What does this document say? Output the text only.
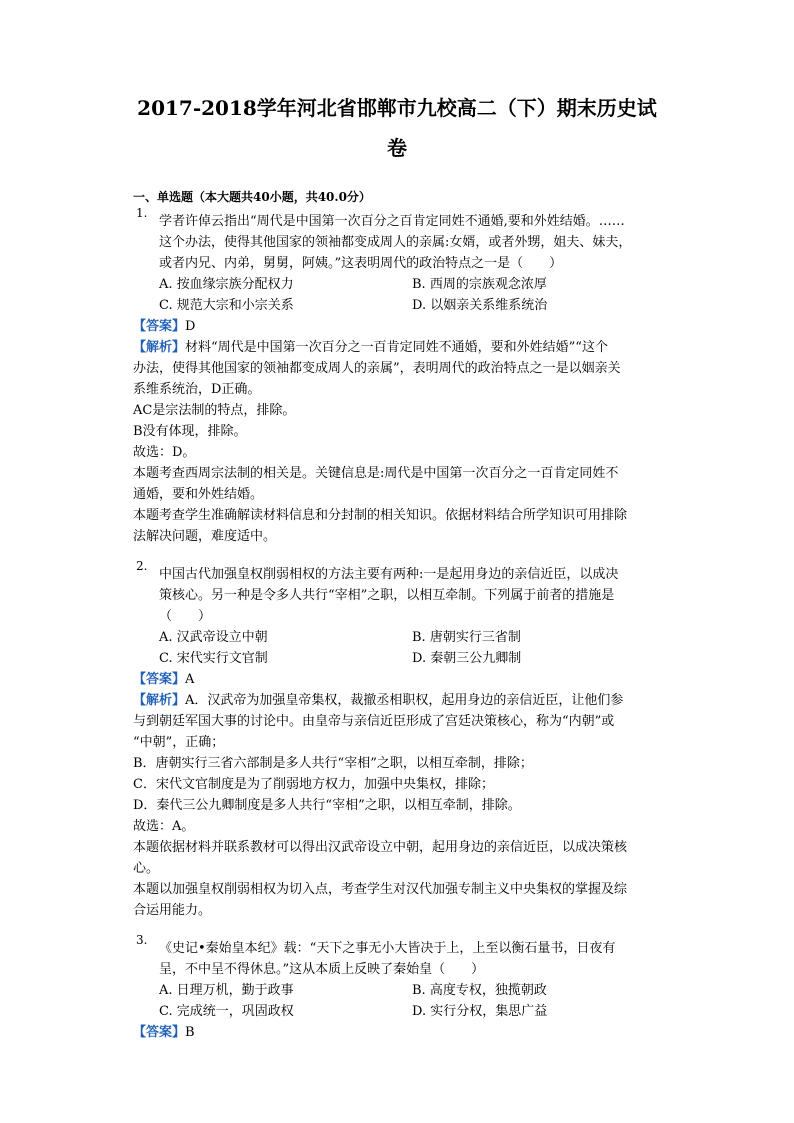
2017-2018学年河北省邯郸市九校高二（下）期末历史试
卷
一、单选题（本大题共40小题，共40.0分）
1.
学者许倬云指出“周代是中国第一次百分之百肯定同姓不通婚,要和外姓结婚。……
这个办法，使得其他国家的领袖都变成周人的亲属:女婿，或者外甥，姐夫、妹夫，
或者内兄、内弟，舅舅，阿姨。”这表明周代的政治特点之一是（　　）
A. 按血缘宗族分配权力	B. 西周的宗族观念浓厚
C. 规范大宗和小宗关系	D. 以姻亲关系维系统治
【答案】D
【解析】材料“周代是中国第一次百分之一百肯定同姓不通婚，要和外姓结婚”“这个
办法，使得其他国家的领袖都变成周人的亲属”，表明周代的政治特点之一是以姻亲关
系维系统治，D正确。
AC是宗法制的特点，排除。
B没有体现，排除。
故选：D。
本题考查西周宗法制的相关是。关键信息是:周代是中国第一次百分之一百肯定同姓不
通婚，要和外姓结婚。
本题考查学生准确解读材料信息和分封制的相关知识。依据材料结合所学知识可用排除
法解决问题，难度适中。
2.
中国古代加强皇权削弱相权的方法主要有两种:一是起用身边的亲信近臣，以成决
策核心。另一种是令多人共行“宰相”之职，以相互牵制。下列属于前者的措施是
（　　）
A. 汉武帝设立中朝	B. 唐朝实行三省制
C. 宋代实行文官制	D. 秦朝三公九卿制
【答案】A
【解析】A．汉武帝为加强皇帝集权，裁撤丞相职权，起用身边的亲信近臣，让他们参
与到朝廷军国大事的讨论中。由皇帝与亲信近臣形成了宫廷决策核心，称为“内朝”或
“中朝”，正确；
B．唐朝实行三省六部制是多人共行“宰相”之职，以相互牵制，排除；
C．宋代文官制度是为了削弱地方权力，加强中央集权，排除；
D．秦代三公九卿制度是多人共行“宰相”之职，以相互牵制，排除。
故选：A。
本题依据材料并联系教材可以得出汉武帝设立中朝，起用身边的亲信近臣，以成决策核
心。
本题以加强皇权削弱相权为切入点，考查学生对汉代加强专制主义中央集权的掌握及综
合运用能力。
3.
《史记•秦始皇本纪》载：“天下之事无小大皆决于上，上至以衡石量书，日夜有
呈，不中呈不得休息。”这从本质上反映了秦始皇（　　）
A. 日理万机，勤于政事	B. 高度专权，独揽朝政
C. 完成统一，巩固政权	D. 实行分权，集思广益
【答案】B
